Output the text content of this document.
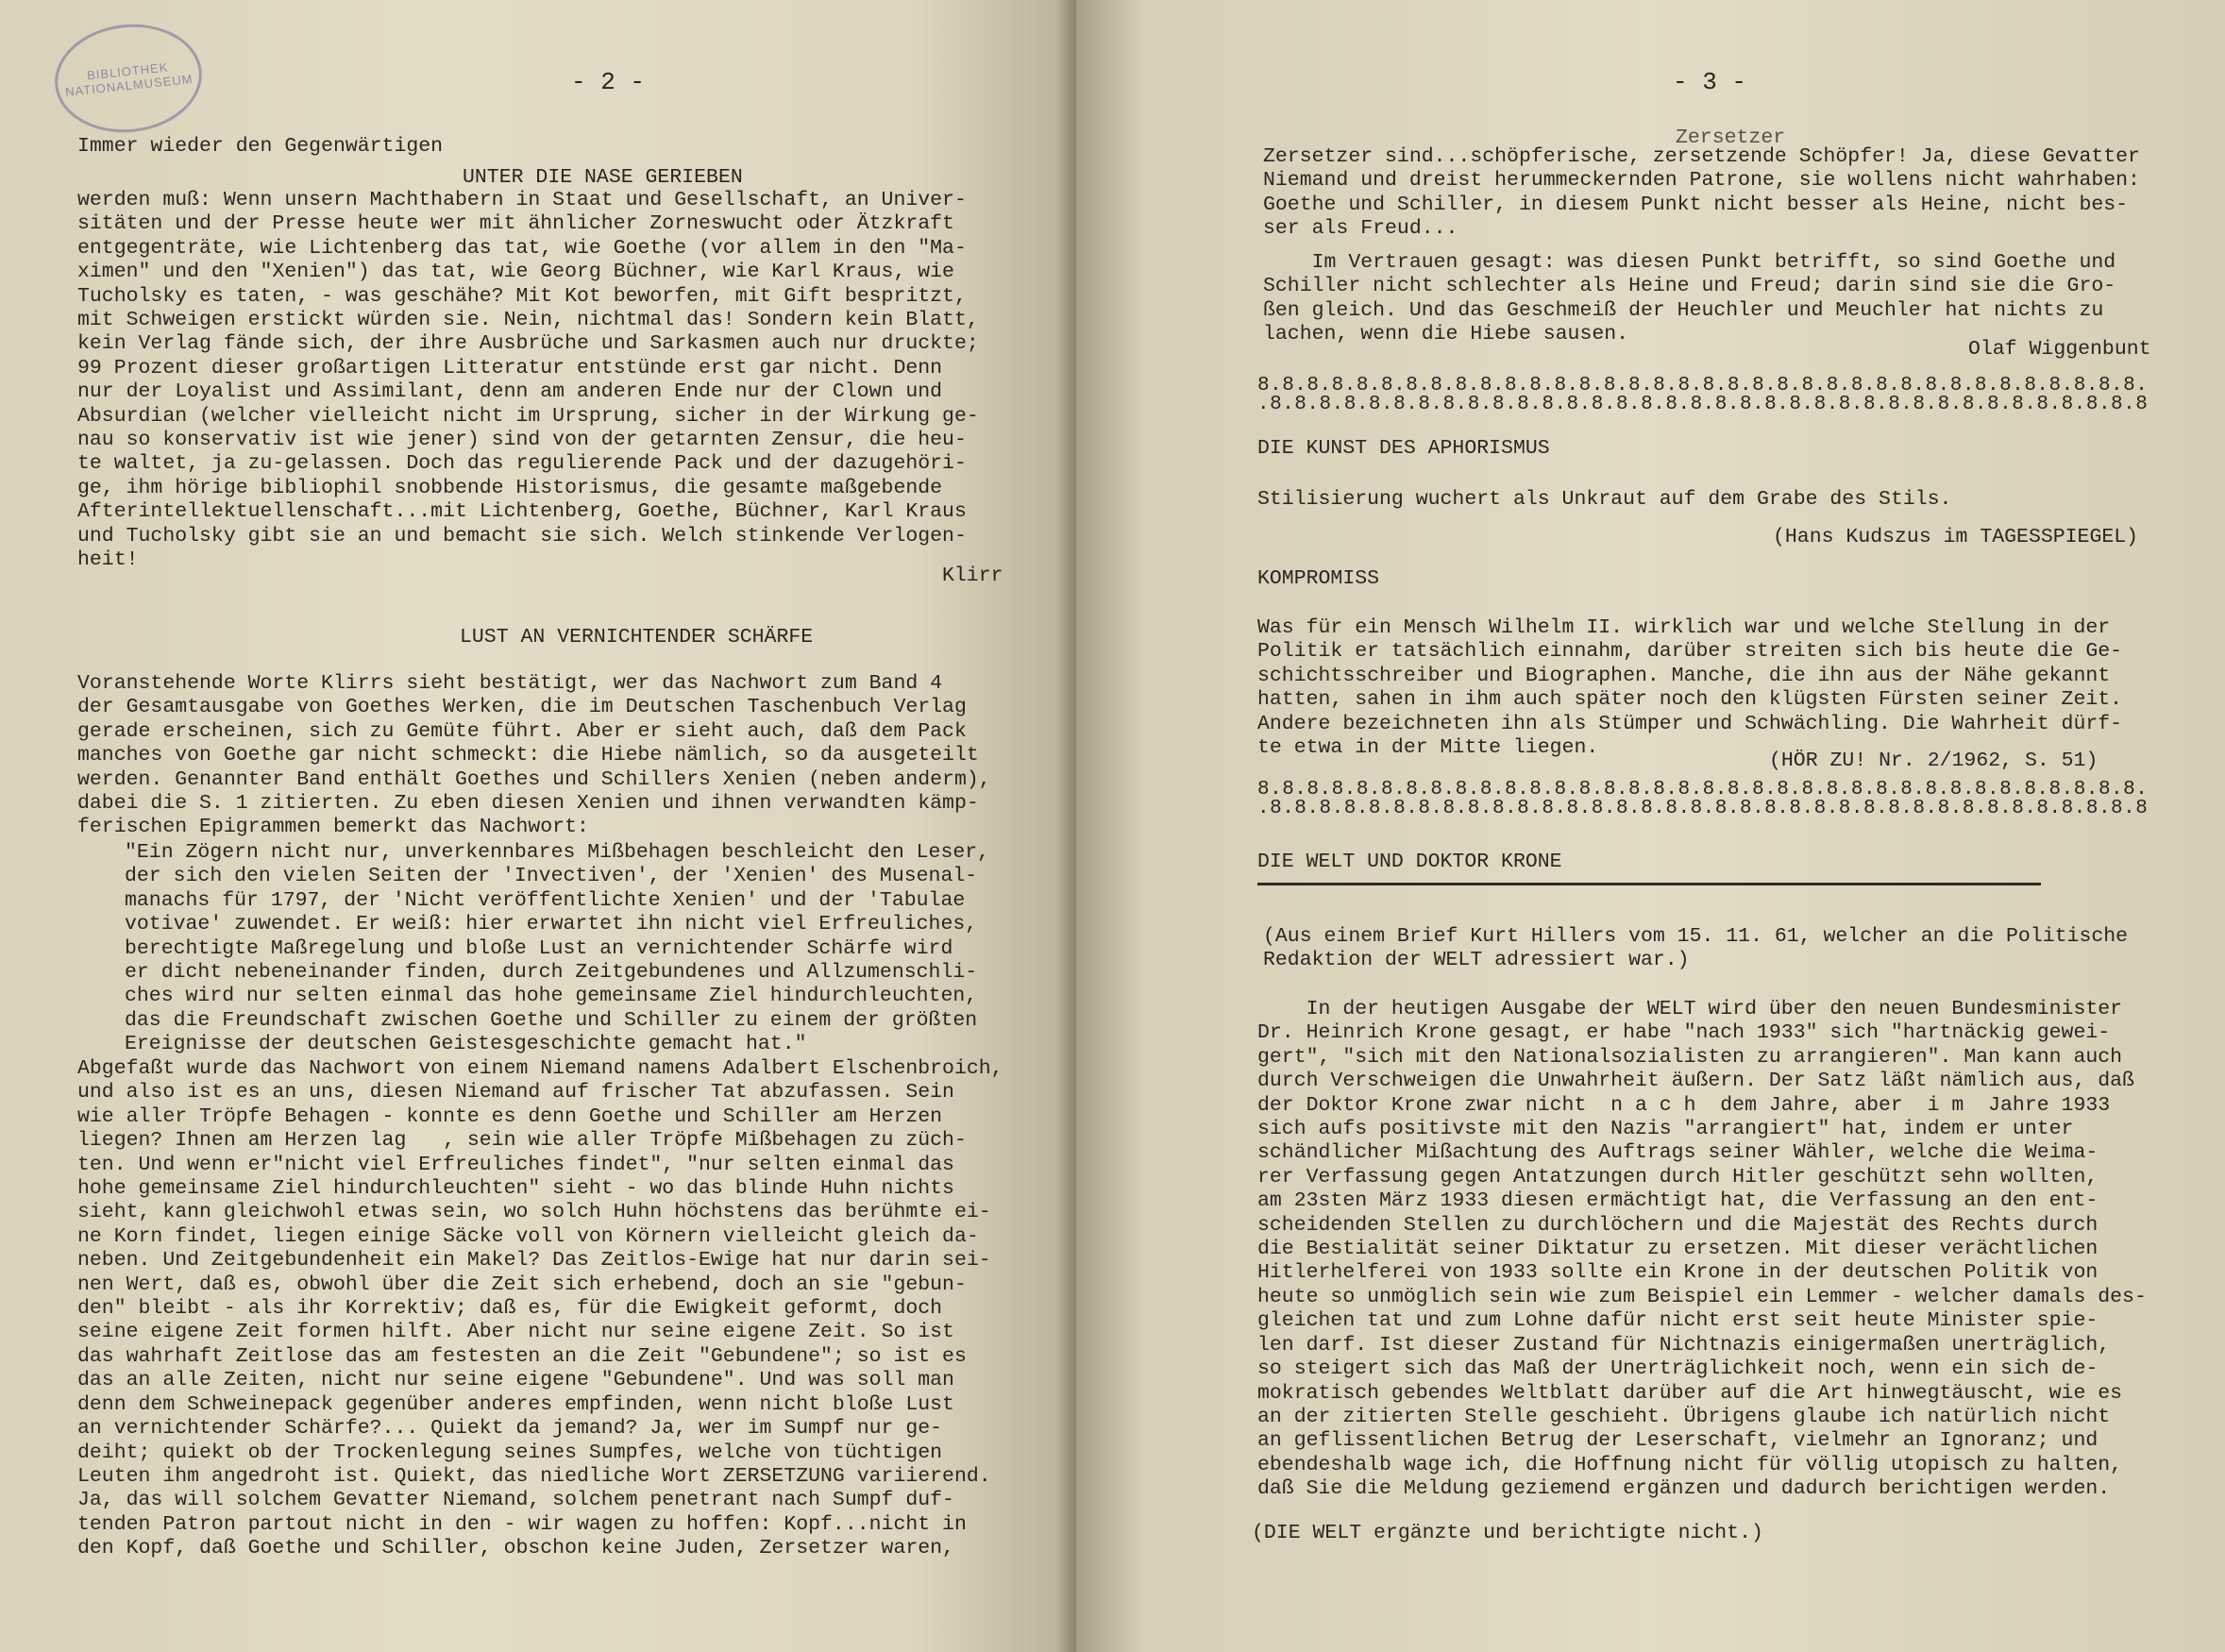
BIBLIOTHEK NATIONALMUSEUM	- 2 -

Immer wieder den Gegenwärtigen

UNTER DIE NASE GERIEBEN

werden muß: Wenn unsern Machthabern in Staat und Gesellschaft, an Univer-

sitäten und der Presse heute wer mit ähnlicher Zorneswucht oder Ätzkraft

entgegenträte, wie Lichtenberg das tat, wie Goethe (vor allem in den "Ma-

ximen" und den "Xenien") das tat, wie Georg Büchner, wie Karl Kraus, wie

Tucholsky es taten, - was geschähe? Mit Kot beworfen, mit Gift bespritzt,

mit Schweigen erstickt würden sie. Nein, nichtmal das! Sondern kein Blatt,

kein Verlag fände sich, der ihre Ausbrüche und Sarkasmen auch nur druckte;

99 Prozent dieser großartigen Litteratur entstünde erst gar nicht. Denn

nur der Loyalist und Assimilant, denn am anderen Ende nur der Clown und

Absurdian (welcher vielleicht nicht im Ursprung, sicher in der Wirkung ge-

nau so konservativ ist wie jener) sind von der getarnten Zensur, die heu-

te waltet, ja zu-gelassen. Doch das regulierende Pack und der dazugehöri-

ge, ihm hörige bibliophil snobbende Historismus, die gesamte maßgebende

Afterintellektuellenschaft...mit Lichtenberg, Goethe, Büchner, Karl Kraus

und Tucholsky gibt sie an und bemacht sie sich. Welch stinkende Verlogen-

heit!

Klirr
LUST AN VERNICHTENDER SCHÄRFE

Voranstehende Worte Klirrs sieht bestätigt, wer das Nachwort zum Band 4

der Gesamtausgabe von Goethes Werken, die im Deutschen Taschenbuch Verlag

gerade erscheinen, sich zu Gemüte führt. Aber er sieht auch, daß dem Pack

manches von Goethe gar nicht schmeckt: die Hiebe nämlich, so da ausgeteilt

werden. Genannter Band enthält Goethes und Schillers Xenien (neben anderm),

dabei die S. 1 zitierten. Zu eben diesen Xenien und ihnen verwandten kämp-

ferischen Epigrammen bemerkt das Nachwort:

"Ein Zögern nicht nur, unverkennbares Mißbehagen beschleicht den Leser,

der sich den vielen Seiten der 'Invectiven', der 'Xenien' des Musenal-

manachs für 1797, der 'Nicht veröffentlichte Xenien' und der 'Tabulae

votivae' zuwendet. Er weiß: hier erwartet ihn nicht viel Erfreuliches,

berechtigte Maßregelung und bloße Lust an vernichtender Schärfe wird

er dicht nebeneinander finden, durch Zeitgebundenes und Allzumenschli-

ches wird nur selten einmal das hohe gemeinsame Ziel hindurchleuchten,

das die Freundschaft zwischen Goethe und Schiller zu einem der größten

Ereignisse der deutschen Geistesgeschichte gemacht hat."

Abgefaßt wurde das Nachwort von einem Niemand namens Adalbert Elschenbroich,

und also ist es an uns, diesen Niemand auf frischer Tat abzufassen. Sein

wie aller Tröpfe Behagen - konnte es denn Goethe und Schiller am Herzen

liegen? Ihnen am Herzen lag   , sein wie aller Tröpfe Mißbehagen zu züch-

ten. Und wenn er"nicht viel Erfreuliches findet", "nur selten einmal das

hohe gemeinsame Ziel hindurchleuchten" sieht - wo das blinde Huhn nichts

sieht, kann gleichwohl etwas sein, wo solch Huhn höchstens das berühmte ei-

ne Korn findet, liegen einige Säcke voll von Körnern vielleicht gleich da-

neben. Und Zeitgebundenheit ein Makel? Das Zeitlos-Ewige hat nur darin sei-

nen Wert, daß es, obwohl über die Zeit sich erhebend, doch an sie "gebun-

den" bleibt - als ihr Korrektiv; daß es, für die Ewigkeit geformt, doch

seine eigene Zeit formen hilft. Aber nicht nur seine eigene Zeit. So ist

das wahrhaft Zeitlose das am festesten an die Zeit "Gebundene"; so ist es

das an alle Zeiten, nicht nur seine eigene "Gebundene". Und was soll man

denn dem Schweinepack gegenüber anderes empfinden, wenn nicht bloße Lust

an vernichtender Schärfe?... Quiekt da jemand? Ja, wer im Sumpf nur ge-

deiht; quiekt ob der Trockenlegung seines Sumpfes, welche von tüchtigen

Leuten ihm angedroht ist. Quiekt, das niedliche Wort ZERSETZUNG variierend.

Ja, das will solchem Gevatter Niemand, solchem penetrant nach Sumpf duf-

tenden Patron partout nicht in den - wir wagen zu hoffen: Kopf...nicht in

den Kopf, daß Goethe und Schiller, obschon keine Juden, Zersetzer waren,

- 3 -
Zersetzer

Zersetzer sind...schöpferische, zersetzende Schöpfer! Ja, diese Gevatter

Niemand und dreist herummeckernden Patrone, sie wollens nicht wahrhaben:

Goethe und Schiller, in diesem Punkt nicht besser als Heine, nicht bes-

ser als Freud...

Im Vertrauen gesagt: was diesen Punkt betrifft, so sind Goethe und

Schiller nicht schlechter als Heine und Freud; darin sind sie die Gro-

ßen gleich. Und das Geschmeiß der Heuchler und Meuchler hat nichts zu

lachen, wenn die Hiebe sausen.

Olaf Wiggenbunt
8.8.8.8.8.8.8.8.8.8.8.8.8.8.8.8.8.8.8.8.8.8.8.8.8.8.8.8.8.8.8.8.8.8.8.8.
.8.8.8.8.8.8.8.8.8.8.8.8.8.8.8.8.8.8.8.8.8.8.8.8.8.8.8.8.8.8.8.8.8.8.8.8
DIE KUNST DES APHORISMUS
Stilisierung wuchert als Unkraut auf dem Grabe des Stils.
(Hans Kudszus im TAGESSPIEGEL)
KOMPROMISS

Was für ein Mensch Wilhelm II. wirklich war und welche Stellung in der

Politik er tatsächlich einnahm, darüber streiten sich bis heute die Ge-

schichtsschreiber und Biographen. Manche, die ihn aus der Nähe gekannt

hatten, sahen in ihm auch später noch den klügsten Fürsten seiner Zeit.

Andere bezeichneten ihn als Stümper und Schwächling. Die Wahrheit dürf-

te etwa in der Mitte liegen.

(HÖR ZU! Nr. 2/1962, S. 51)
8.8.8.8.8.8.8.8.8.8.8.8.8.8.8.8.8.8.8.8.8.8.8.8.8.8.8.8.8.8.8.8.8.8.8.8.
.8.8.8.8.8.8.8.8.8.8.8.8.8.8.8.8.8.8.8.8.8.8.8.8.8.8.8.8.8.8.8.8.8.8.8.8
DIE WELT UND DOKTOR KRONE

(Aus einem Brief Kurt Hillers vom 15. 11. 61, welcher an die Politische

Redaktion der WELT adressiert war.)

In der heutigen Ausgabe der WELT wird über den neuen Bundesminister

Dr. Heinrich Krone gesagt, er habe "nach 1933" sich "hartnäckig gewei-

gert", "sich mit den Nationalsozialisten zu arrangieren". Man kann auch

durch Verschweigen die Unwahrheit äußern. Der Satz läßt nämlich aus, daß

der Doktor Krone zwar nicht  n a c h  dem Jahre, aber  i m  Jahre 1933

sich aufs positivste mit den Nazis "arrangiert" hat, indem er unter

schändlicher Mißachtung des Auftrags seiner Wähler, welche die Weima-

rer Verfassung gegen Antatzungen durch Hitler geschützt sehn wollten,

am 23sten März 1933 diesen ermächtigt hat, die Verfassung an den ent-

scheidenden Stellen zu durchlöchern und die Majestät des Rechts durch

die Bestialität seiner Diktatur zu ersetzen. Mit dieser verächtlichen

Hitlerhelferei von 1933 sollte ein Krone in der deutschen Politik von

heute so unmöglich sein wie zum Beispiel ein Lemmer - welcher damals des-

gleichen tat und zum Lohne dafür nicht erst seit heute Minister spie-

len darf. Ist dieser Zustand für Nichtnazis einigermaßen unerträglich,

so steigert sich das Maß der Unerträglichkeit noch, wenn ein sich de-

mokratisch gebendes Weltblatt darüber auf die Art hinwegtäuscht, wie es

an der zitierten Stelle geschieht. Übrigens glaube ich natürlich nicht

an geflissentlichen Betrug der Leserschaft, vielmehr an Ignoranz; und

ebendeshalb wage ich, die Hoffnung nicht für völlig utopisch zu halten,

daß Sie die Meldung geziemend ergänzen und dadurch berichtigen werden.

(DIE WELT ergänzte und berichtigte nicht.)
